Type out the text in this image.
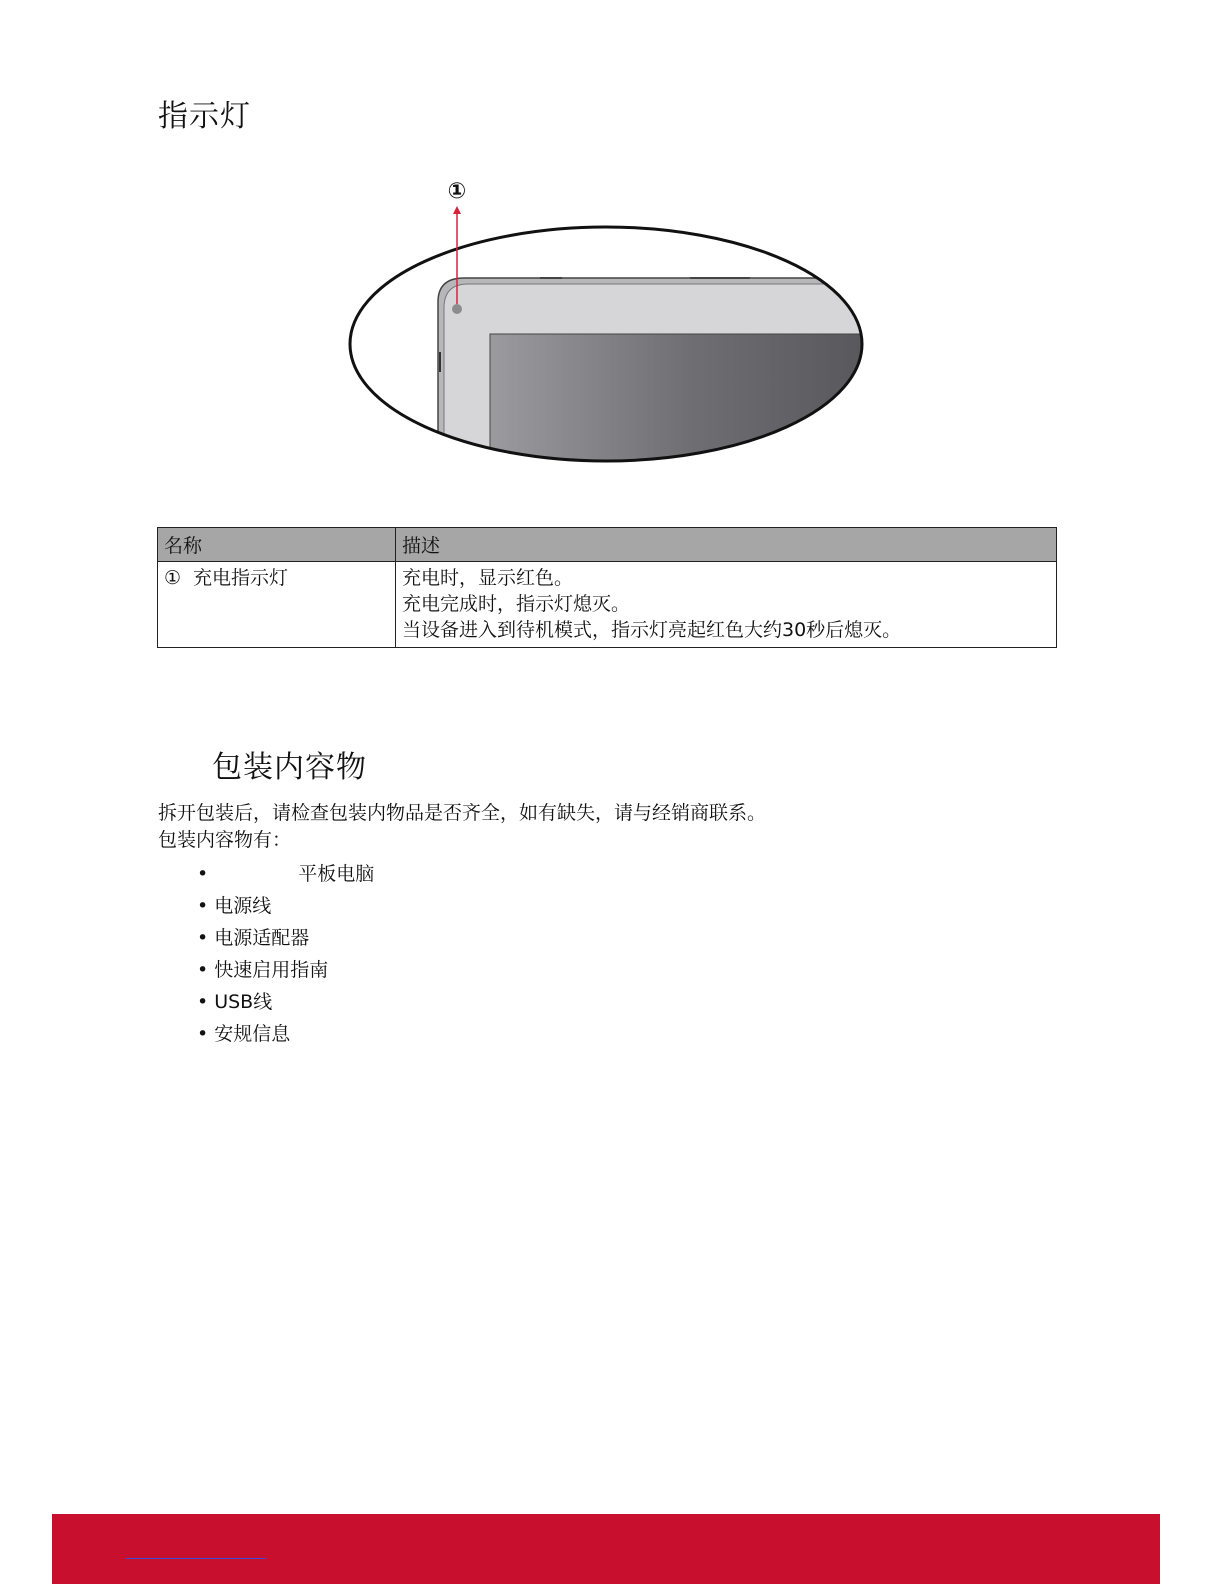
指示灯
①
名称	描述
① 充电指示灯	充电时，显示红色。
充电完成时，指示灯熄灭。
当设备进入到待机模式，指示灯亮起红色大约30秒后熄灭。
包装内容物

拆开包装后，请检查包装内物品是否齐全，如有缺失，请与经销商联系。
包装内容物有：

•	平板电脑
• 电源线
• 电源适配器
• 快速启用指南
• USB线
• 安规信息
